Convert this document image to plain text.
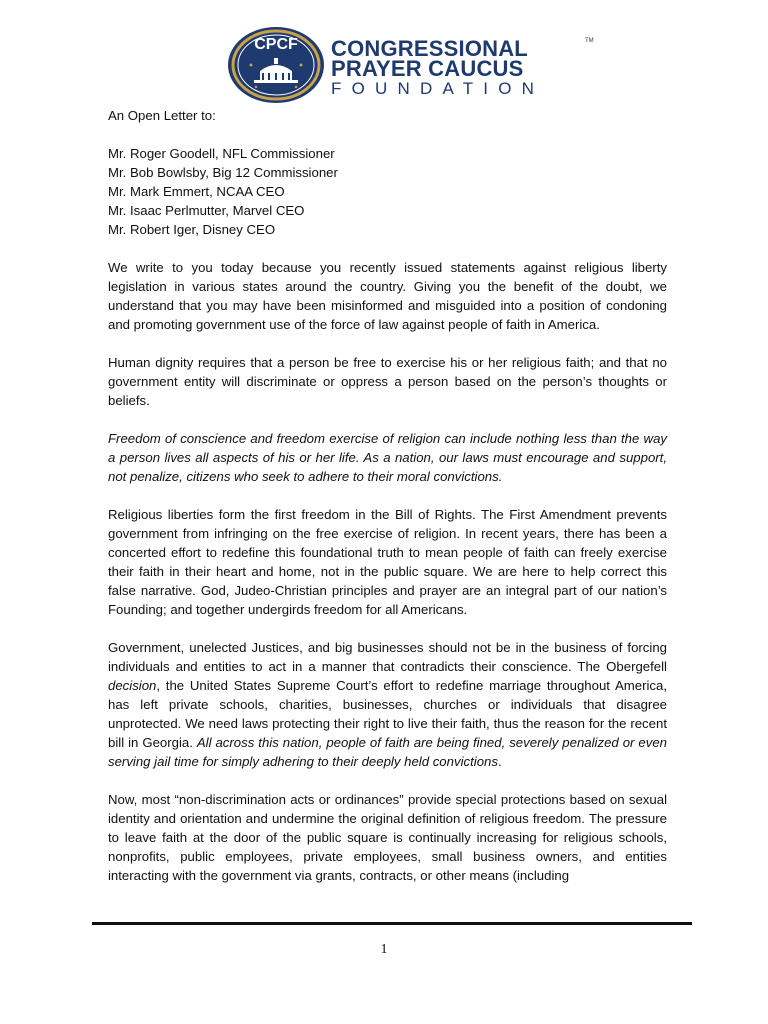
CPCF CONGRESSIONAL
PRAYER CAUCUS
FOUNDATION
TM

An Open Letter to:

Mr. Roger Goodell, NFL Commissioner

Mr. Bob Bowlsby, Big 12 Commissioner

Mr. Mark Emmert, NCAA CEO

Mr. Isaac Perlmutter, Marvel CEO

Mr. Robert Iger, Disney CEO

We write to you today because you recently issued statements against religious liberty legislation in various states around the country. Giving you the benefit of the doubt, we understand that you may have been misinformed and misguided into a position of condoning and promoting government use of the force of law against people of faith in America.

Human dignity requires that a person be free to exercise his or her religious faith; and that no government entity will discriminate or oppress a person based on the person’s thoughts or beliefs.

Freedom of conscience and freedom exercise of religion can include nothing less than the way a person lives all aspects of his or her life. As a nation, our laws must encourage and support, not penalize, citizens who seek to adhere to their moral convictions.

Religious liberties form the first freedom in the Bill of Rights. The First Amendment prevents government from infringing on the free exercise of religion. In recent years, there has been a concerted effort to redefine this foundational truth to mean people of faith can freely exercise their faith in their heart and home, not in the public square. We are here to help correct this false narrative. God, Judeo-Christian principles and prayer are an integral part of our nation’s Founding; and together undergirds freedom for all Americans.

Government, unelected Justices, and big businesses should not be in the business of forcing individuals and entities to act in a manner that contradicts their conscience. The Obergefell decision, the United States Supreme Court’s effort to redefine marriage throughout America, has left private schools, charities, businesses, churches or individuals that disagree unprotected. We need laws protecting their right to live their faith, thus the reason for the recent bill in Georgia. All across this nation, people of faith are being fined, severely penalized or even serving jail time for simply adhering to their deeply held convictions.

Now, most “non-discrimination acts or ordinances” provide special protections based on sexual identity and orientation and undermine the original definition of religious freedom. The pressure to leave faith at the door of the public square is continually increasing for religious schools, nonprofits, public employees, private employees, small business owners, and entities interacting with the government via grants, contracts, or other means (including

1
